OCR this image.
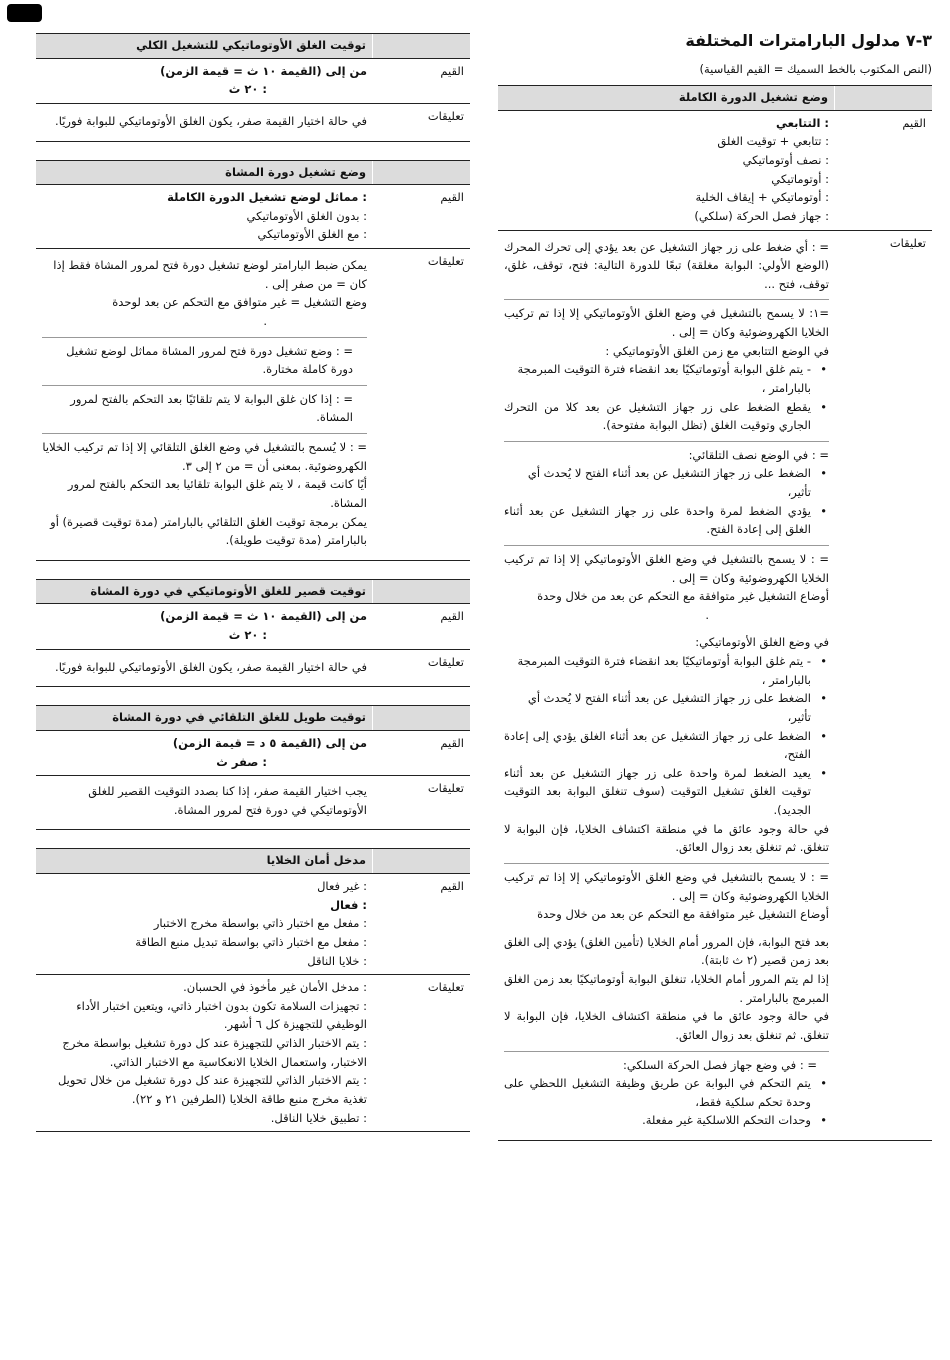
٣-٧ مدلول البارامترات المختلفة
(النص المكتوب بالخط السميك = القيم القياسية)
وضع تشغيل الدورة الكاملة
القيم
: التتابعي
: تتابعي + توقيت الغلق
: نصف أوتوماتيكي
: أوتوماتيكي
: أوتوماتيكي + إيقاف الخلية
: جهاز فصل الحركة (سلكي)
تعليقات
= : أي ضغط على زر جهاز التشغيل عن بعد يؤدي إلى تحرك المحرك (الوضع الأولي: البوابة مغلقة) تبعًا للدورة التالية: فتح، توقف، غلق، توقف، فتح ...
=١: لا يسمح بالتشغيل في وضع الغلق الأوتوماتيكي إلا إذا تم تركيب الخلايا الكهروضوئية وكان = إلى .
في الوضع التتابعي مع زمن الغلق الأوتوماتيكي :
• - يتم غلق البوابة أوتوماتيكيًا بعد انقضاء فترة التوقيت المبرمجة بالبارامتر ،
• يقطع الضغط على زر جهاز التشغيل عن بعد كلا من التحرك الجاري وتوقيت الغلق (تظل البوابة مفتوحة).
= : في الوضع نصف التلقائي:
• الضغط على زر جهاز التشغيل عن بعد أثناء الفتح لا يُحدث أي تأثير،
• يؤدي الضغط لمرة واحدة على زر جهاز التشغيل عن بعد أثناء الغلق إلى إعادة الفتح.
= : لا يسمح بالتشغيل في وضع الغلق الأوتوماتيكي إلا إذا تم تركيب الخلايا الكهروضوئية وكان = إلى .
أوضاع التشغيل غير متوافقة مع التحكم عن بعد من خلال وحدة
.
في وضع الغلق الأوتوماتيكي:
• - يتم غلق البوابة أوتوماتيكيًا بعد انقضاء فترة التوقيت المبرمجة بالبارامتر ،
• الضغط على زر جهاز التشغيل عن بعد أثناء الفتح لا يُحدث أي تأثير،
• الضغط على زر جهاز التشغيل عن بعد أثناء الغلق يؤدي إلى إعادة الفتح،
• يعيد الضغط لمرة واحدة على زر جهاز التشغيل عن بعد أثناء توقيت الغلق تشغيل التوقيت (سوف تنغلق البوابة بعد التوقيت الجديد).
في حالة وجود عائق ما في منطقة اكتشاف الخلايا، فإن البوابة لا تنغلق. ثم تنغلق بعد زوال العائق.
= : لا يسمح بالتشغيل في وضع الغلق الأوتوماتيكي إلا إذا تم تركيب الخلايا الكهروضوئية وكان = إلى .
أوضاع التشغيل غير متوافقة مع التحكم عن بعد من خلال وحدة
بعد فتح البوابة، فإن المرور أمام الخلايا (تأمين الغلق) يؤدي إلى الغلق بعد زمن قصير (٢ ث ثابتة).
إذا لم يتم المرور أمام الخلايا، تنغلق البوابة أوتوماتيكيًا بعد زمن الغلق المبرمج بالبارامتر .
في حالة وجود عائق ما في منطقة اكتشاف الخلايا، فإن البوابة لا تنغلق. ثم تنغلق بعد زوال العائق.
= : في وضع جهاز فصل الحركة السلكي:
• يتم التحكم في البوابة عن طريق وظيفة التشغيل اللحظي على وحدة تحكم سلكية فقط،
• وحدات التحكم اللاسلكية غير مفعلة.
توقيت الغلق الأوتوماتيكي للتشغيل الكلي
القيم
من إلى (القيمة ١٠ ث = قيمة الزمن)
: ٢٠ ث
تعليقات
في حالة اختيار القيمة صفر، يكون الغلق الأوتوماتيكي للبوابة فوريًا.
وضع تشغيل دورة المشاة
القيم
: مماثل لوضع تشغيل الدورة الكاملة
: بدون الغلق الأوتوماتيكي
: مع الغلق الأوتوماتيكي
تعليقات
يمكن ضبط البارامتر لوضع تشغيل دورة فتح لمرور المشاة فقط إذا كان = من صفر إلى .
وضع التشغيل = غير متوافق مع التحكم عن بعد لوحدة
.
= : وضع تشغيل دورة فتح لمرور المشاة مماثل لوضع تشغيل دورة كاملة مختارة.
= : إذا كان غلق البوابة لا يتم تلقائيًا بعد التحكم بالفتح لمرور المشاة.
= : لا يُسمح بالتشغيل في وضع الغلق التلقائي إلا إذا تم تركيب الخلايا الكهروضوئية. بمعنى أن = من ٢ إلى ٣.
أيًا كانت قيمة ، لا يتم غلق البوابة تلقائيا بعد التحكم بالفتح لمرور المشاة.
يمكن برمجة توقيت الغلق التلقائي بالبارامتر (مدة توقيت قصيرة) أو بالبارامتر (مدة توقيت طويلة).
توقيت قصير للغلق الأوتوماتيكي في دورة المشاة
القيم
من إلى (القيمة ١٠ ث = قيمة الزمن)
: ٢٠ ث
تعليقات
في حالة اختيار القيمة صفر، يكون الغلق الأوتوماتيكي للبوابة فوريًا.
توقيت طويل للغلق التلقائي في دورة المشاة
القيم
من إلى (القيمة ٥ د = قيمة الزمن)
: صفر ث
تعليقات
يجب اختيار القيمة صفر، إذا كنا بصدد التوقيت القصير للغلق الأوتوماتيكي في دورة فتح لمرور المشاة.
مدخل أمان الخلايا
القيم
: غير فعال
: فعال
: مفعل مع اختبار ذاتي بواسطة مخرج الاختبار
: مفعل مع اختبار ذاتي بواسطة تبديل منبع الطاقة
: خلايا الناقل
تعليقات
: مدخل الأمان غير مأخوذ في الحسبان.
: تجهيزات السلامة تكون بدون اختبار ذاتي، ويتعين اختبار الأداء الوظيفي للتجهيزة كل ٦ أشهر.
: يتم الاختبار الذاتي للتجهيزة عند كل دورة تشغيل بواسطة مخرج الاختبار، واستعمال الخلايا الانعكاسية مع الاختبار الذاتي.
: يتم الاختبار الذاتي للتجهيزة عند كل دورة تشغيل من خلال تحويل تغذية مخرج منبع طاقة الخلايا (الطرفين ٢١ و ٢٢).
: تطبيق خلايا الناقل.
